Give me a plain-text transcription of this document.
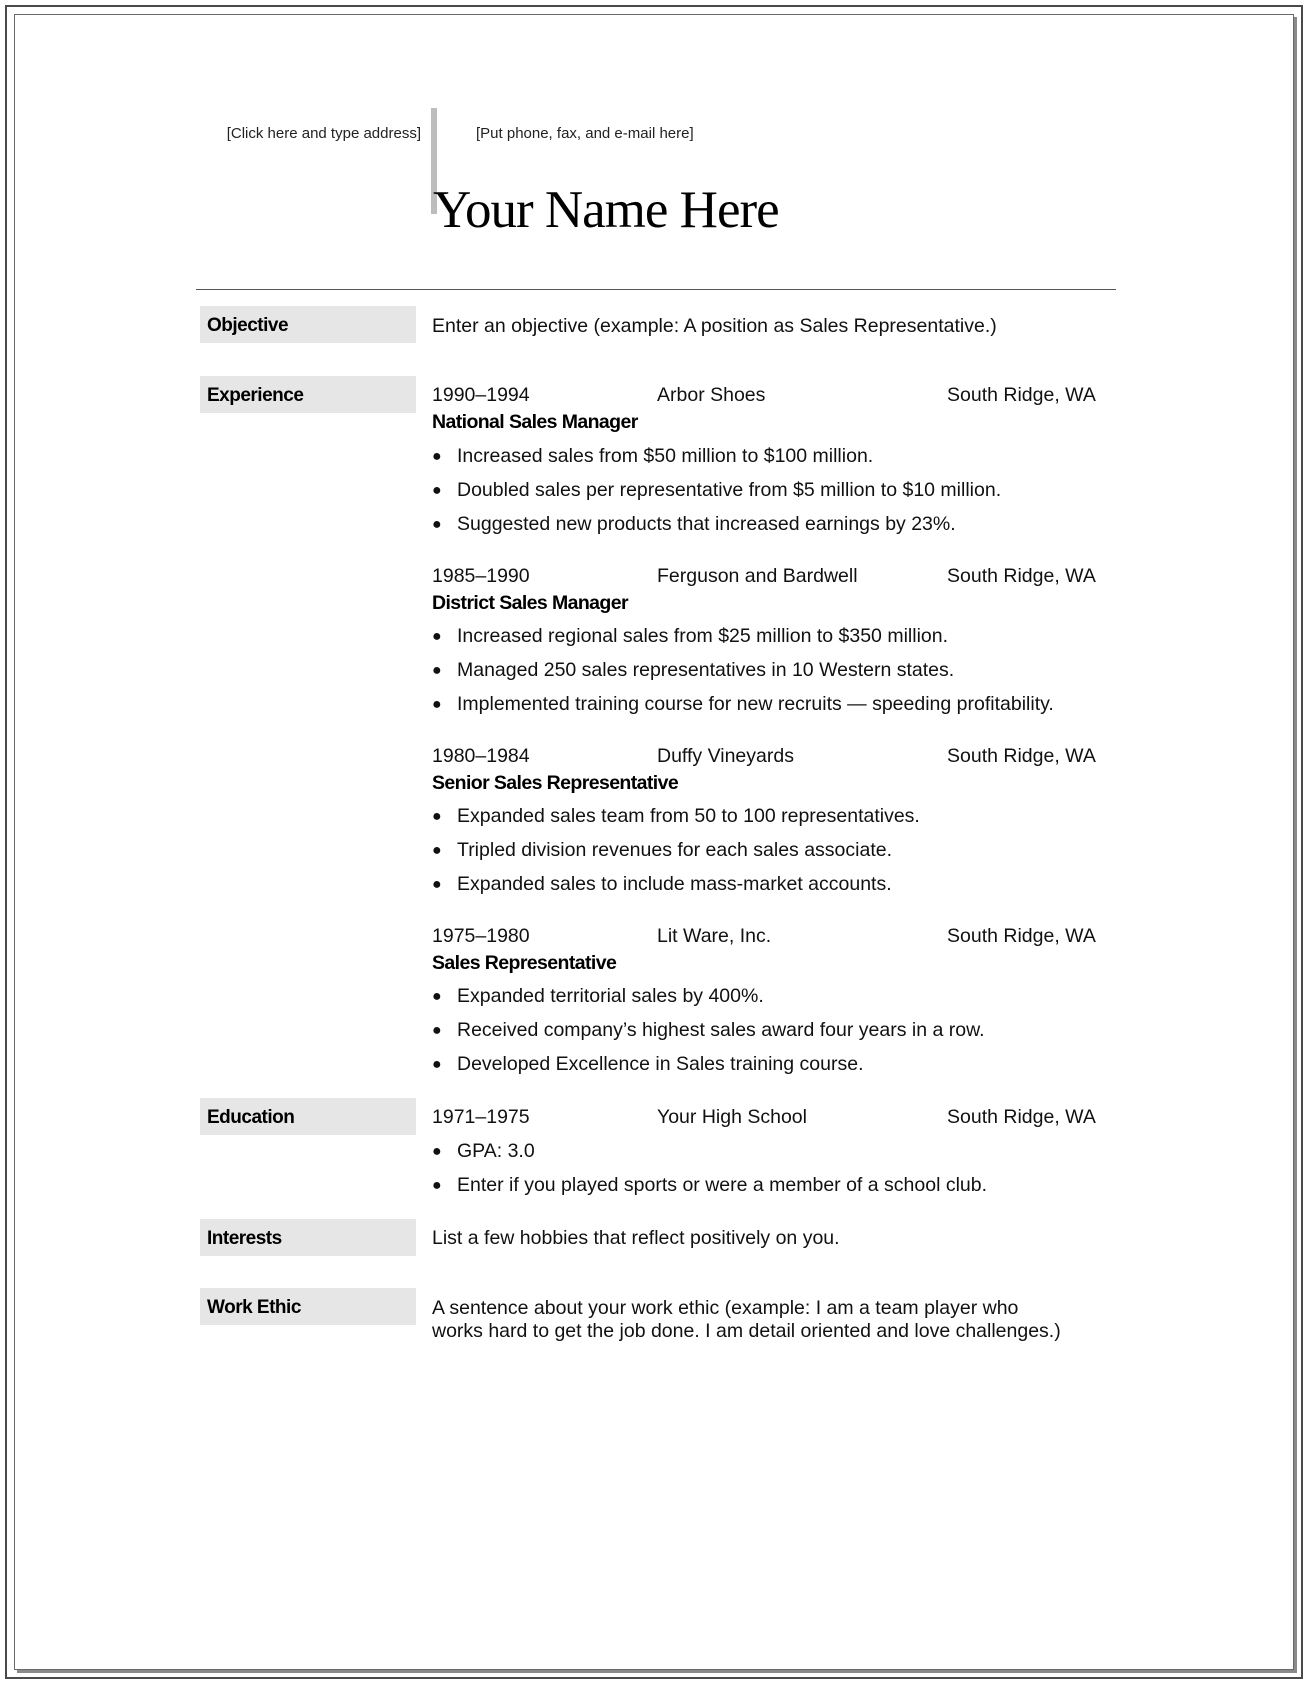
[Click here and type address]	[Put phone, fax, and e-mail here]
Your Name Here
Objective	Enter an objective (example: A position as Sales Representative.)
Experience	1990–1994	Arbor Shoes	South Ridge, WA
National Sales Manager
● Increased sales from $50 million to $100 million.
● Doubled sales per representative from $5 million to $10 million.
● Suggested new products that increased earnings by 23%.
1985–1990	Ferguson and Bardwell	South Ridge, WA
District Sales Manager
● Increased regional sales from $25 million to $350 million.
● Managed 250 sales representatives in 10 Western states.
● Implemented training course for new recruits — speeding profitability.
1980–1984	Duffy Vineyards	South Ridge, WA
Senior Sales Representative
● Expanded sales team from 50 to 100 representatives.
● Tripled division revenues for each sales associate.
● Expanded sales to include mass-market accounts.
1975–1980	Lit Ware, Inc.	South Ridge, WA
Sales Representative
● Expanded territorial sales by 400%.
● Received company’s highest sales award four years in a row.
● Developed Excellence in Sales training course.
Education	1971–1975	Your High School	South Ridge, WA
● GPA: 3.0
● Enter if you played sports or were a member of a school club.
Interests	List a few hobbies that reflect positively on you.
Work Ethic	A sentence about your work ethic (example: I am a team player who
works hard to get the job done. I am detail oriented and love challenges.)
